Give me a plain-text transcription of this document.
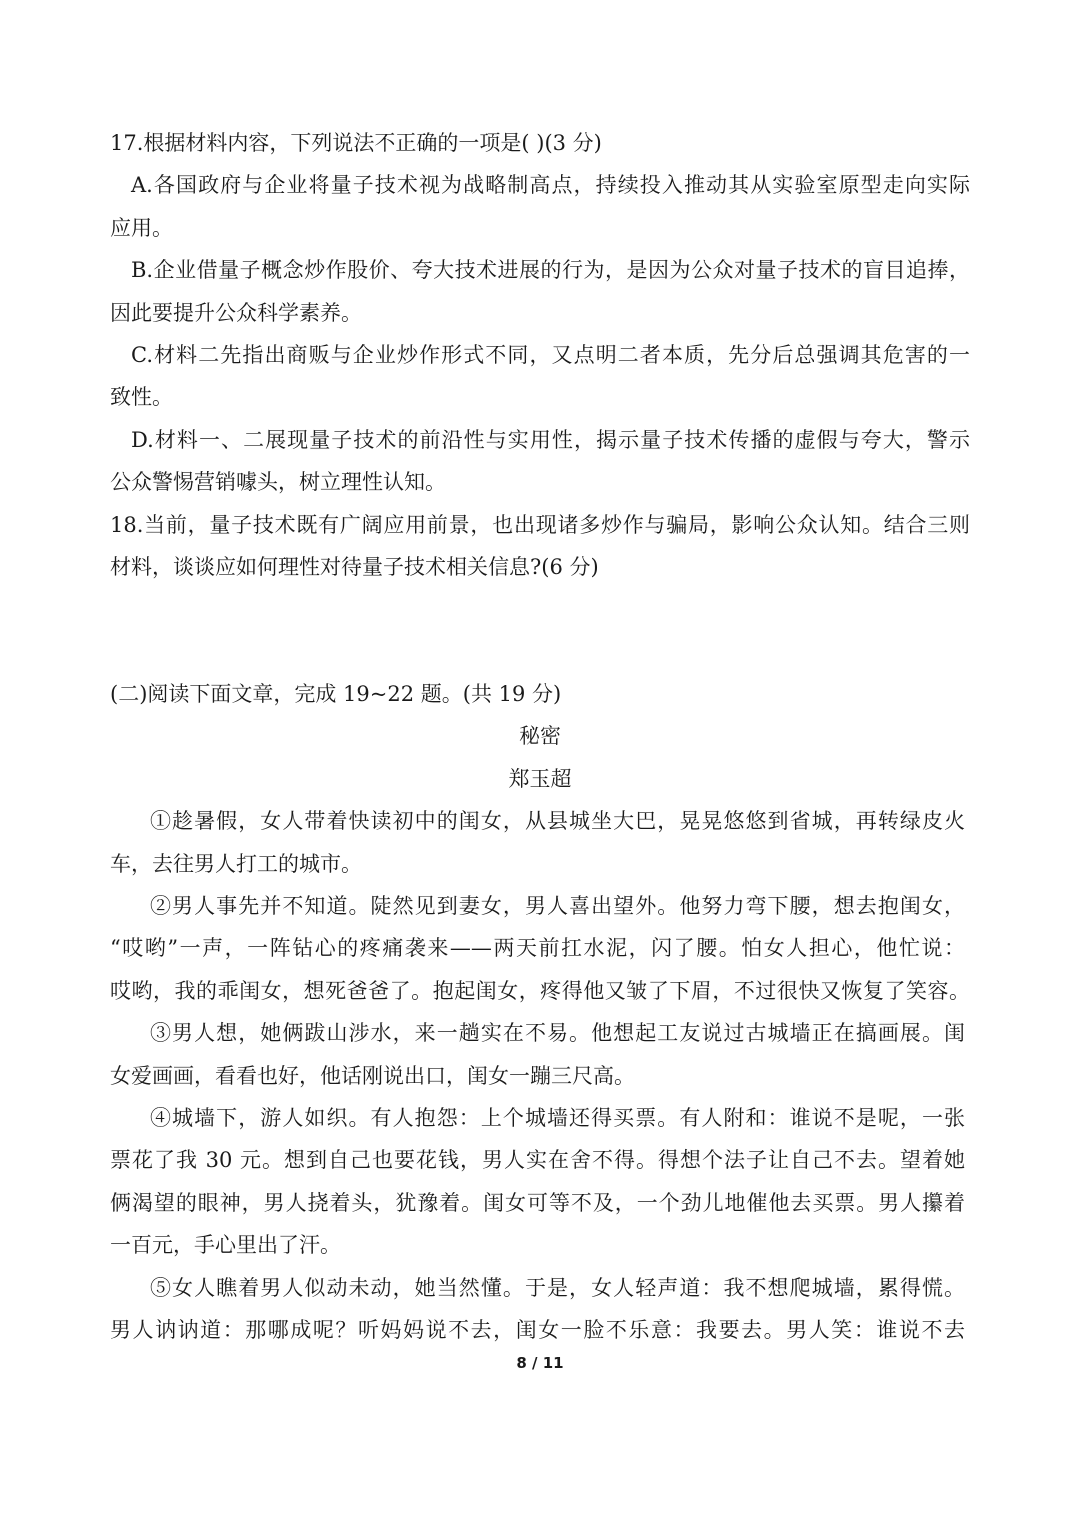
17.根据材料内容，下列说法不正确的一项是( )(3 分)
A.各国政府与企业将量子技术视为战略制高点，持续投入推动其从实验室原型走向实际
应用。
B.企业借量子概念炒作股价、夸大技术进展的行为，是因为公众对量子技术的盲目追捧，
因此要提升公众科学素养。
C.材料二先指出商贩与企业炒作形式不同，又点明二者本质，先分后总强调其危害的一
致性。
D.材料一、二展现量子技术的前沿性与实用性，揭示量子技术传播的虚假与夸大，警示
公众警惕营销噱头，树立理性认知。
18.当前，量子技术既有广阔应用前景，也出现诸多炒作与骗局，影响公众认知。结合三则
材料，谈谈应如何理性对待量子技术相关信息?(6 分)
(二)阅读下面文章，完成 19~22 题。(共 19 分)
秘密
郑玉超
①趁暑假，女人带着快读初中的闺女，从县城坐大巴，晃晃悠悠到省城，再转绿皮火
车，去往男人打工的城市。
②男人事先并不知道。陡然见到妻女，男人喜出望外。他努力弯下腰，想去抱闺女，
“哎哟”一声，一阵钻心的疼痛袭来——两天前扛水泥，闪了腰。怕女人担心，他忙说：
哎哟，我的乖闺女，想死爸爸了。抱起闺女，疼得他又皱了下眉，不过很快又恢复了笑容。
③男人想，她俩跋山涉水，来一趟实在不易。他想起工友说过古城墙正在搞画展。闺
女爱画画，看看也好，他话刚说出口，闺女一蹦三尺高。
④城墙下，游人如织。有人抱怨：上个城墙还得买票。有人附和：谁说不是呢，一张
票花了我 30 元。想到自己也要花钱，男人实在舍不得。得想个法子让自己不去。望着她
俩渴望的眼神，男人挠着头，犹豫着。闺女可等不及，一个劲儿地催他去买票。男人攥着
一百元，手心里出了汗。
⑤女人瞧着男人似动未动，她当然懂。于是，女人轻声道：我不想爬城墙，累得慌。
男人讷讷道：那哪成呢？听妈妈说不去，闺女一脸不乐意：我要去。男人笑：谁说不去
8 / 11
